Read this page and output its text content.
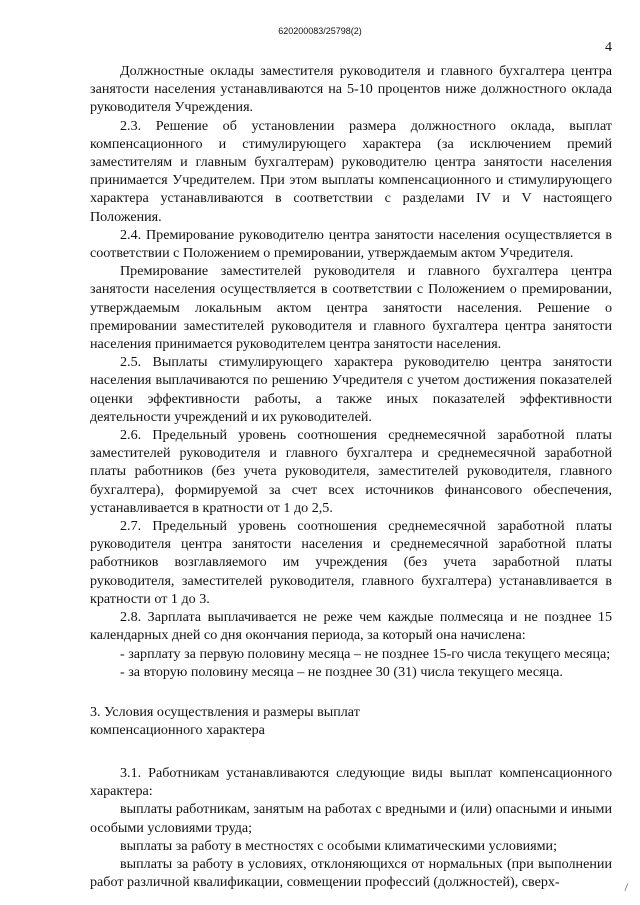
620200083/25798(2)
4

Должностные оклады заместителя руководителя и главного бухгалтера центра занятости населения устанавливаются на 5-10 процентов ниже должностного оклада руководителя Учреждения.

2.3. Решение об установлении размера должностного оклада, выплат компенсационного и стимулирующего характера (за исключением премий заместителям и главным бухгалтерам) руководителю центра занятости населения принимается Учредителем. При этом выплаты компенсационного и стимулирующего характера устанавливаются в соответствии с разделами IV и V настоящего Положения.

2.4. Премирование руководителю центра занятости населения осуществляется в соответствии с Положением о премировании, утверждаемым актом Учредителя.

Премирование заместителей руководителя и главного бухгалтера центра занятости населения осуществляется в соответствии с Положением о премировании, утверждаемым локальным актом центра занятости населения. Решение о премировании заместителей руководителя и главного бухгалтера центра занятости населения принимается руководителем центра занятости населения.

2.5. Выплаты стимулирующего характера руководителю центра занятости населения выплачиваются по решению Учредителя с учетом достижения показателей оценки эффективности работы, а также иных показателей эффективности деятельности учреждений и их руководителей.

2.6. Предельный уровень соотношения среднемесячной заработной платы заместителей руководителя и главного бухгалтера и среднемесячной заработной платы работников (без учета руководителя, заместителей руководителя, главного бухгалтера), формируемой за счет всех источников финансового обеспечения, устанавливается в кратности от 1 до 2,5.

2.7. Предельный уровень соотношения среднемесячной заработной платы руководителя центра занятости населения и среднемесячной заработной платы работников возглавляемого им учреждения (без учета заработной платы руководителя, заместителей руководителя, главного бухгалтера) устанавливается в кратности от 1 до 3.

2.8. Зарплата выплачивается не реже чем каждые полмесяца и не позднее 15 календарных дней со дня окончания периода, за который она начислена:

- зарплату за первую половину месяца – не позднее 15-го числа текущего месяца;

- за вторую половину месяца – не позднее 30 (31) числа текущего месяца.

3. Условия осуществления и размеры выплат
компенсационного характера

3.1. Работникам устанавливаются следующие виды выплат компенсационного характера:

выплаты работникам, занятым на работах с вредными и (или) опасными и иными особыми условиями труда;

выплаты за работу в местностях с особыми климатическими условиями;

выплаты за работу в условиях, отклоняющихся от нормальных (при выполнении работ различной квалификации, совмещении профессий (должностей), сверх-	/
